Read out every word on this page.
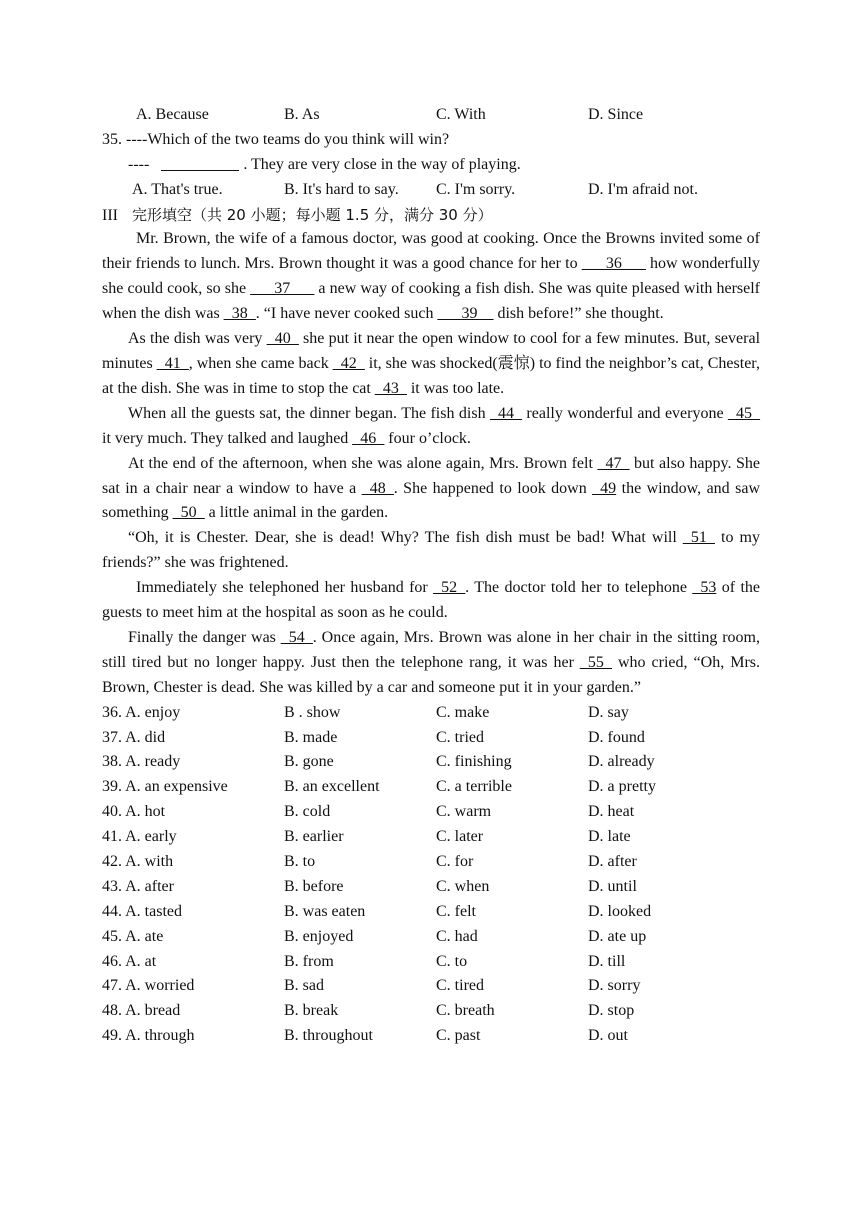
A. Because	B. As	C. With	D. Since
35. ----Which of the two teams do you think will win?
----	. They are very close in the way of playing.
A. That's true.	B. It's hard to say. C. I'm sorry.	D. I'm afraid not.
III 完形填空（共 20 小题；每小题 1.5 分，满分 30 分）

Mr. Brown, the wife of a famous doctor, was good at cooking. Once the Browns invited some of their friends to lunch. Mrs. Brown thought it was a good chance for her to ___36___ how wonderfully she could cook, so she ___37___ a new way of cooking a fish dish. She was quite pleased with herself when the dish was _38_. “I have never cooked such ___39__ dish before!” she thought.

As the dish was very _40_ she put it near the open window to cool for a few minutes. But, several minutes _41_, when she came back _42_ it, she was shocked(震惊) to find the neighbor’s cat, Chester, at the dish. She was in time to stop the cat _43_ it was too late.

When all the guests sat, the dinner began. The fish dish _44_ really wonderful and everyone _45_ it very much. They talked and laughed _46_ four o’clock.

At the end of the afternoon, when she was alone again, Mrs. Brown felt _47_ but also happy. She sat in a chair near a window to have a _48_. She happened to look down _49 the window, and saw something _50_ a little animal in the garden.

“Oh, it is Chester. Dear, she is dead! Why? The fish dish must be bad! What will _51_ to my friends?” she was frightened.

Immediately she telephoned her husband for _52_. The doctor told her to telephone _53 of the guests to meet him at the hospital as soon as he could.

Finally the danger was _54_. Once again, Mrs. Brown was alone in her chair in the sitting room, still tired but no longer happy. Just then the telephone rang, it was her _55_ who cried, “Oh, Mrs. Brown, Chester is dead. She was killed by a car and someone put it in your garden.”

36. A. enjoy	B . show	C. make	D. say
37. A. did	B. made	C. tried	D. found
38. A. ready	B. gone	C. finishing	D. already
39. A. an expensive	B. an excellent	C. a terrible	D. a pretty
40. A. hot	B. cold	C. warm	D. heat
41. A. early	B. earlier	C. later	D. late
42. A. with	B. to	C. for	D. after
43. A. after	B. before	C. when	D. until
44. A. tasted	B. was eaten	C. felt	D. looked
45. A. ate	B. enjoyed	C. had	D. ate up
46. A. at	B. from	C. to	D. till
47. A. worried	B. sad	C. tired	D. sorry
48. A. bread	B. break	C. breath	D. stop
49. A. through	B. throughout	C. past	D. out
